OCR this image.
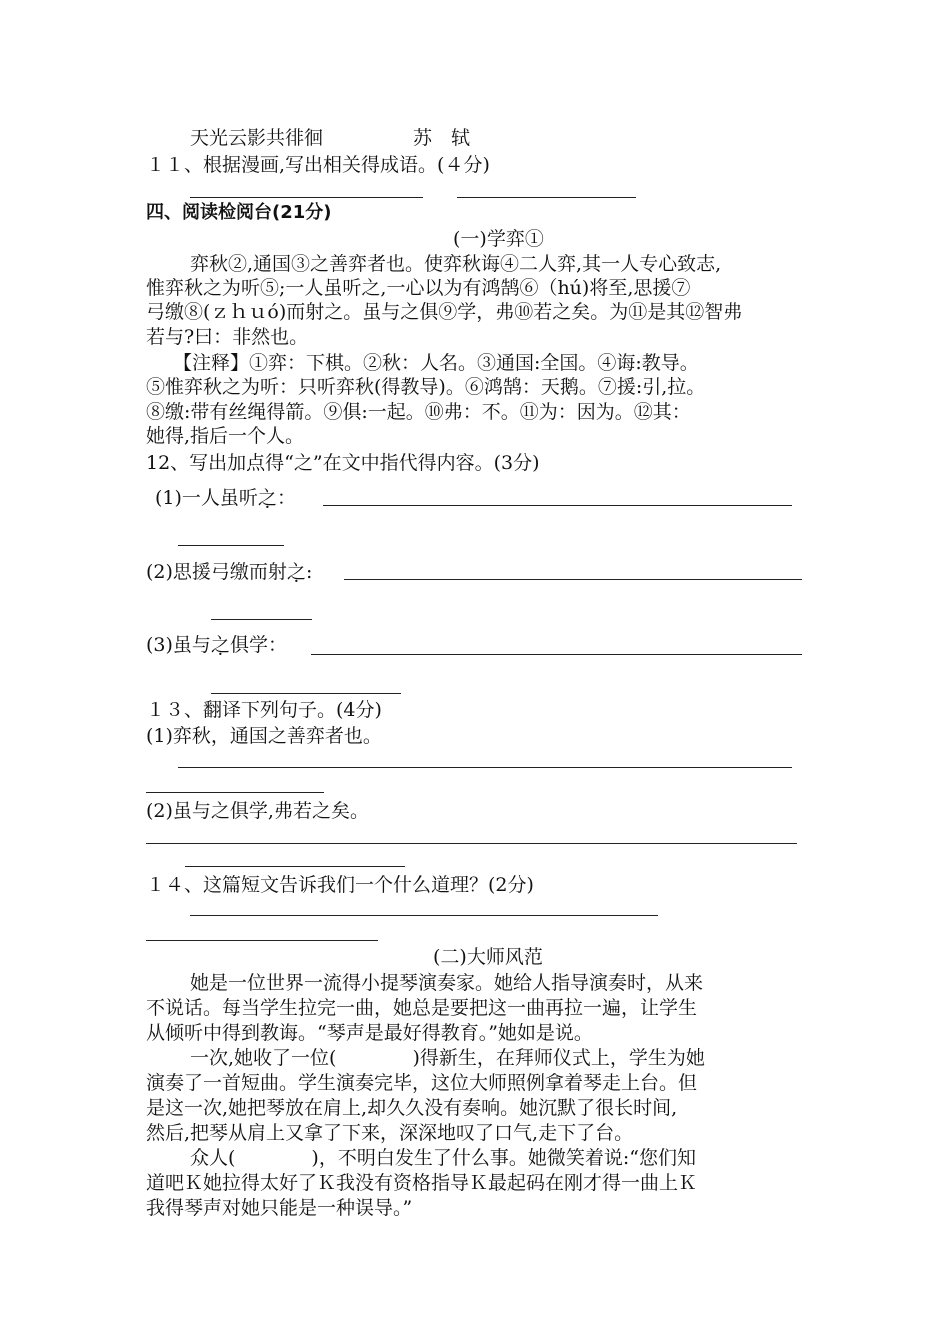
天光云影共徘徊	苏　轼
１１、根据漫画,写出相关得成语。(４分)
四、阅读检阅台(21分)
(一)学弈①
弈秋②,通国③之善弈者也。使弈秋诲④二人弈,其一人专心致志,
惟弈秋之为听⑤;一人虽听之,一心以为有鸿鹄⑥（hú)将至,思援⑦
弓缴⑧(ｚｈｕó)而射之。虽与之俱⑨学，弗⑩若之矣。为⑪是其⑫智弗
若与?曰：非然也。
【注释】①弈：下棋。②秋：人名。③通国:全国。④诲:教导。
⑤惟弈秋之为听：只听弈秋(得教导)。⑥鸿鹄：天鹅。⑦援:引,拉。
⑧缴:带有丝绳得箭。⑨俱:一起。⑩弗：不。⑪为：因为。⑫其：
她得,指后一个人。
12、写出加点得“之”在文中指代得内容。(3分)
(1)一人虽听之：
(2)思援弓缴而射之:
(3)虽与之俱学：
１３、翻译下列句子。(4分)
(1)弈秋，通国之善弈者也。
(2)虽与之俱学,弗若之矣。
１４、这篇短文告诉我们一个什么道理？(2分)
(二)大师风范
她是一位世界一流得小提琴演奏家。她给人指导演奏时，从来
不说话。每当学生拉完一曲，她总是要把这一曲再拉一遍，让学生
从倾听中得到教诲。“琴声是最好得教育。”她如是说。
一次,她收了一位(　　　　)得新生，在拜师仪式上，学生为她
演奏了一首短曲。学生演奏完毕，这位大师照例拿着琴走上台。但
是这一次,她把琴放在肩上,却久久没有奏响。她沉默了很长时间,
然后,把琴从肩上又拿了下来，深深地叹了口气,走下了台。
众人(　　　　)，不明白发生了什么事。她微笑着说:“您们知
道吧Ｋ她拉得太好了Ｋ我没有资格指导Ｋ最起码在刚才得一曲上Ｋ
我得琴声对她只能是一种误导。”
